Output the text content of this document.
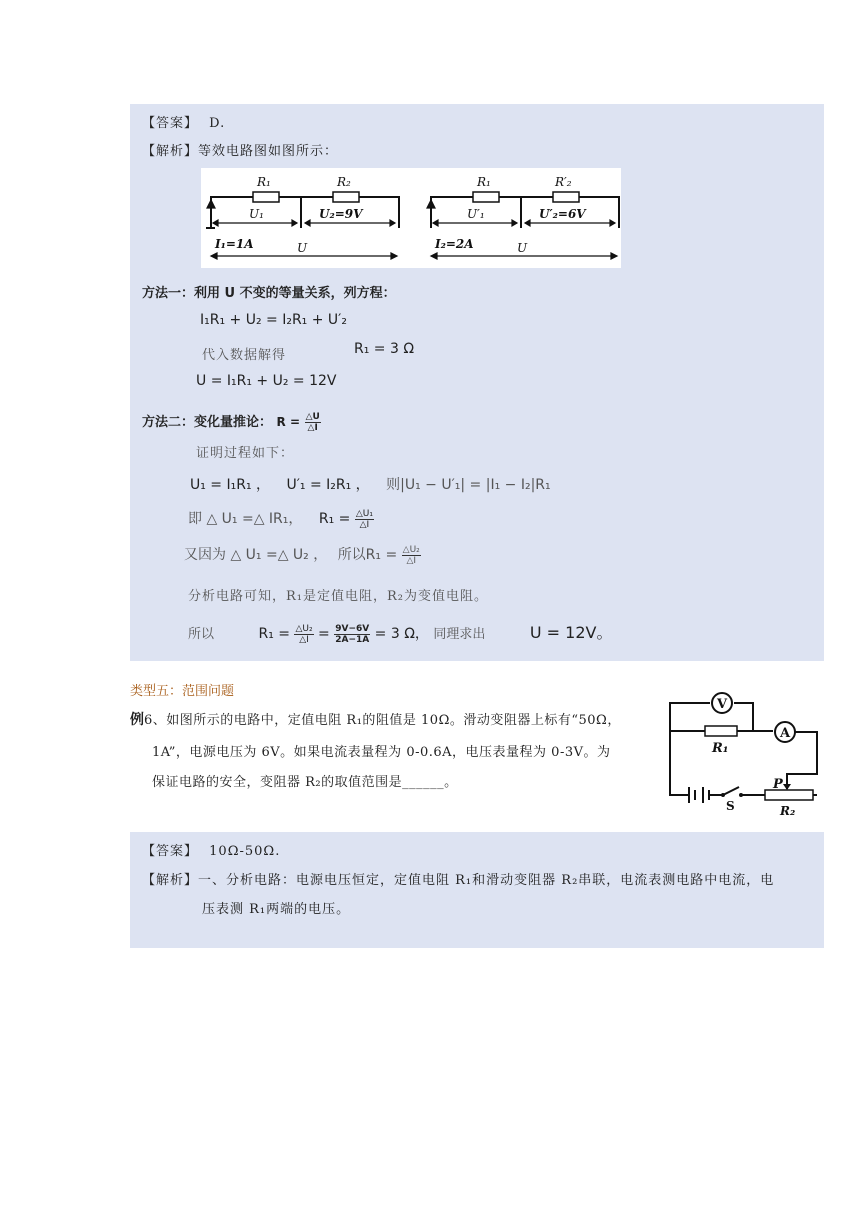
【答案】 D.
【解析】等效电路图如图所示：
R₁	R₂
U₁	U₂=9V
I₁=1A	U
R₁	R′₂
U′₁	U′₂=6V
I₂=2A	U
方法一：利用 U 不变的等量关系，列方程：
I₁R₁ + U₂ = I₂R₁ + U′₂
代入数据解得	R₁ = 3 Ω
U = I₁R₁ + U₂ = 12V
方法二：变化量推论： $R = \frac{\triangle U}{\triangle I}$
证明过程如下：
U₁ = I₁R₁ ， U′₁ = I₂R₁ ， 则|U₁ − U′₁| = |I₁ − I₂|R₁
即 △ U₁ =△ IR₁， $R_1 = \frac{\text{△U₁}}{\triangle I}$
又因为 △ U₁ =△ U₂ ， 所以$R_1 = \frac{\text{△U₂}}{\triangle I}$
分析电路可知，R₁是定值电阻，R₂为变值电阻。
所以	$R_1 = \frac{\text{△U₂}}{\triangle I} = \frac{9V-6V}{2A-1A} = 3$ Ω， 同理求出	U = 12V。
类型五：范围问题
例6、如图所示的电路中，定值电阻 R₁的阻值是 10Ω。滑动变阻器上标有“50Ω，
1A”，电源电压为 6V。如果电流表量程为 0-0.6A，电压表量程为 0-3V。为
保证电路的安全，变阻器 R₂的取值范围是______。
V
A
R₁
P
S	R₂
【答案】 10Ω-50Ω.
【解析】一、分析电路：电源电压恒定，定值电阻 R₁和滑动变阻器 R₂串联，电流表测电路中电流，电
压表测 R₁两端的电压。
